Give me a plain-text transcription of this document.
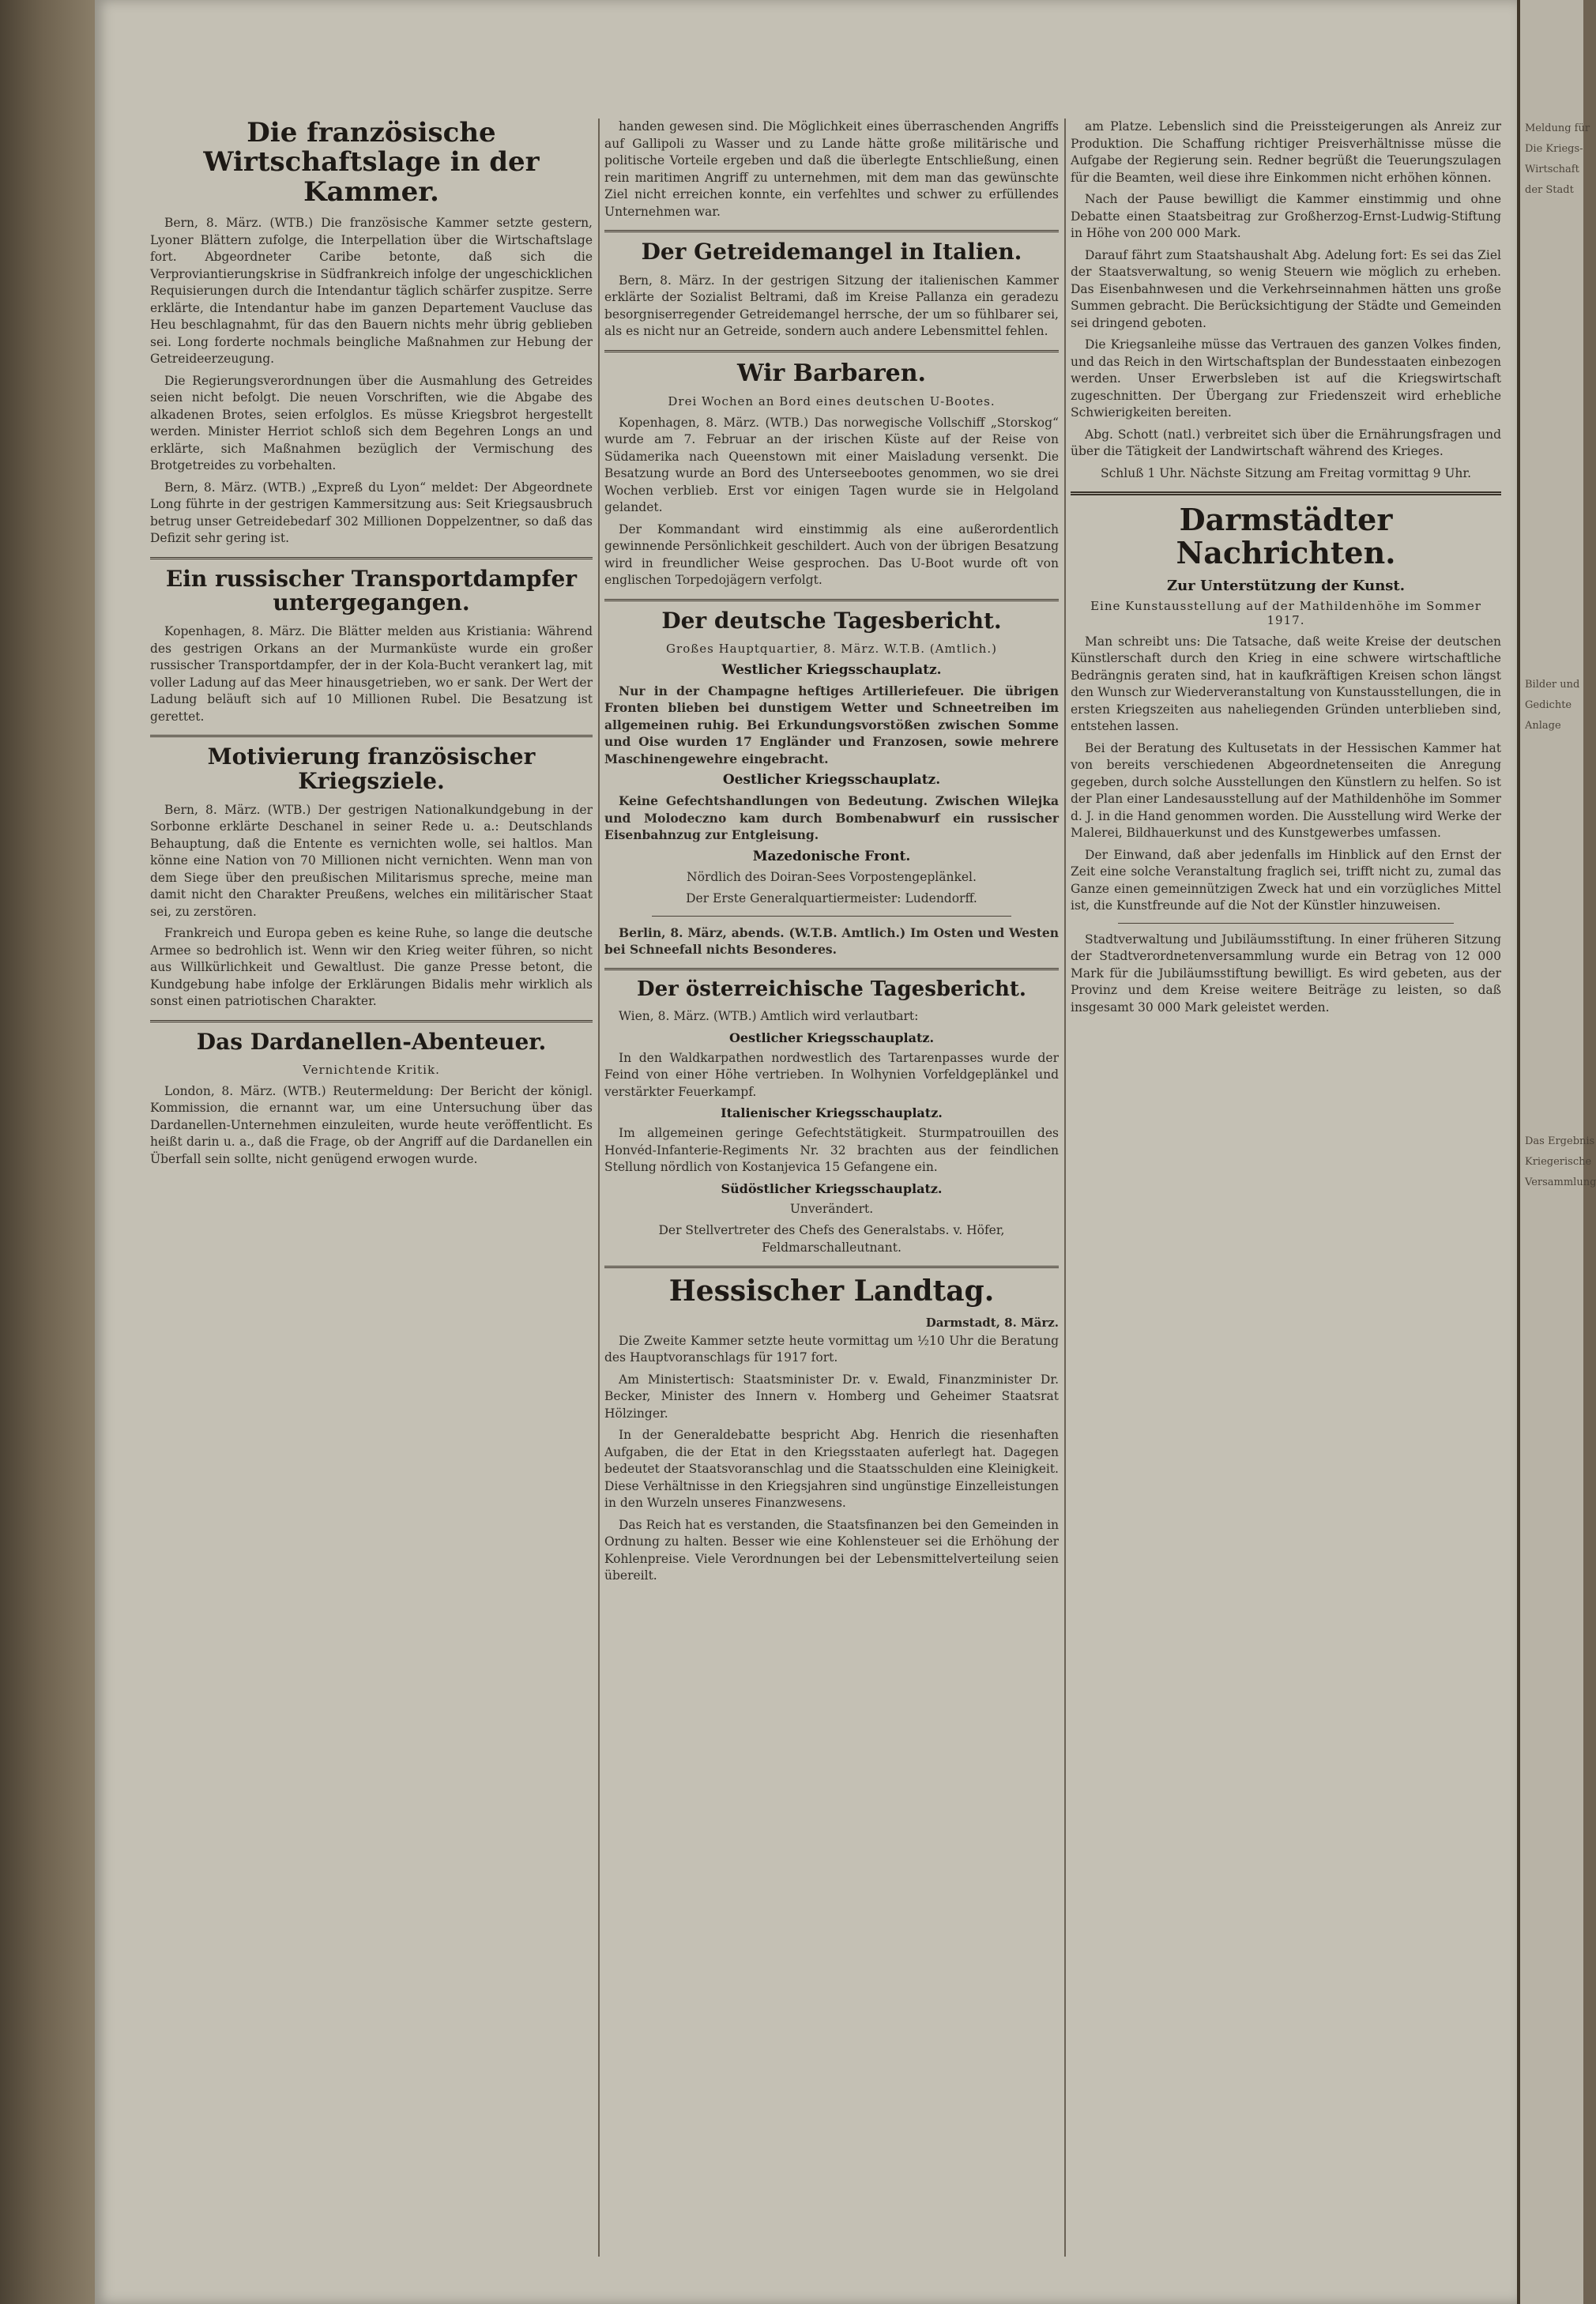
Die französische Wirtschaftslage in der Kammer.

Bern, 8. März. (WTB.) Die französische Kammer setzte gestern, Lyoner Blättern zufolge, die Interpellation über die Wirtschaftslage fort. Abgeordneter Caribe betonte, daß sich die Verproviantierungskrise in Südfrankreich infolge der ungeschicklichen Requisierungen durch die Intendantur täglich schärfer zuspitze. Serre erklärte, die Intendantur habe im ganzen Departement Vaucluse das Heu beschlagnahmt, für das den Bauern nichts mehr übrig geblieben sei. Long forderte nochmals beingliche Maßnahmen zur Hebung der Getreideerzeugung.

Die Regierungsverordnungen über die Ausmahlung des Getreides seien nicht befolgt. Die neuen Vorschriften, wie die Abgabe des alkadenen Brotes, seien erfolglos. Es müsse Kriegsbrot hergestellt werden. Minister Herriot schloß sich dem Begehren Longs an und erklärte, sich Maßnahmen bezüglich der Vermischung des Brotgetreides zu vorbehalten.

Bern, 8. März. (WTB.) „Expreß du Lyon“ meldet: Der Abgeordnete Long führte in der gestrigen Kammersitzung aus: Seit Kriegsausbruch betrug unser Getreidebedarf 302 Millionen Doppelzentner, so daß das Defizit sehr gering ist.

Ein russischer Transportdampfer untergegangen.

Kopenhagen, 8. März. Die Blätter melden aus Kristiania: Während des gestrigen Orkans an der Murmanküste wurde ein großer russischer Transportdampfer, der in der Kola-Bucht verankert lag, mit voller Ladung auf das Meer hinausgetrieben, wo er sank. Der Wert der Ladung beläuft sich auf 10 Millionen Rubel. Die Besatzung ist gerettet.

Motivierung französischer Kriegsziele.

Bern, 8. März. (WTB.) Der gestrigen Nationalkundgebung in der Sorbonne erklärte Deschanel in seiner Rede u. a.: Deutschlands Behauptung, daß die Entente es vernichten wolle, sei haltlos. Man könne eine Nation von 70 Millionen nicht vernichten. Wenn man von dem Siege über den preußischen Militarismus spreche, meine man damit nicht den Charakter Preußens, welches ein militärischer Staat sei, zu zerstören.

Frankreich und Europa geben es keine Ruhe, so lange die deutsche Armee so bedrohlich ist. Wenn wir den Krieg weiter führen, so nicht aus Willkürlichkeit und Gewaltlust. Die ganze Presse betont, die Kundgebung habe infolge der Erklärungen Bidalis mehr wirklich als sonst einen patriotischen Charakter.

Das Dardanellen-Abenteuer.
Vernichtende Kritik.

London, 8. März. (WTB.) Reutermeldung: Der Bericht der königl. Kommission, die ernannt war, um eine Untersuchung über das Dardanellen-Unternehmen einzuleiten, wurde heute veröffentlicht. Es heißt darin u. a., daß die Frage, ob der Angriff auf die Dardanellen ein Überfall sein sollte, nicht genügend erwogen wurde.

handen gewesen sind. Die Möglichkeit eines überraschenden Angriffs auf Gallipoli zu Wasser und zu Lande hätte große militärische und politische Vorteile ergeben und daß die überlegte Entschließung, einen rein maritimen Angriff zu unternehmen, mit dem man das gewünschte Ziel nicht erreichen konnte, ein verfehltes und schwer zu erfüllendes Unternehmen war.

Der Getreidemangel in Italien.

Bern, 8. März. In der gestrigen Sitzung der italienischen Kammer erklärte der Sozialist Beltrami, daß im Kreise Pallanza ein geradezu besorgniserregender Getreidemangel herrsche, der um so fühlbarer sei, als es nicht nur an Getreide, sondern auch andere Lebensmittel fehlen.

Wir Barbaren.
Drei Wochen an Bord eines deutschen U-Bootes.

Kopenhagen, 8. März. (WTB.) Das norwegische Vollschiff „Storskog“ wurde am 7. Februar an der irischen Küste auf der Reise von Südamerika nach Queenstown mit einer Maisladung versenkt. Die Besatzung wurde an Bord des Unterseebootes genommen, wo sie drei Wochen verblieb. Erst vor einigen Tagen wurde sie in Helgoland gelandet.

Der Kommandant wird einstimmig als eine außerordentlich gewinnende Persönlichkeit geschildert. Auch von der übrigen Besatzung wird in freundlicher Weise gesprochen. Das U-Boot wurde oft von englischen Torpedojägern verfolgt.

Der deutsche Tagesbericht.
Großes Hauptquartier, 8. März. W.T.B. (Amtlich.)
Westlicher Kriegsschauplatz.

Nur in der Champagne heftiges Artilleriefeuer. Die übrigen Fronten blieben bei dunstigem Wetter und Schneetreiben im allgemeinen ruhig. Bei Erkundungsvorstößen zwischen Somme und Oise wurden 17 Engländer und Franzosen, sowie mehrere Maschinengewehre eingebracht.

Oestlicher Kriegsschauplatz.

Keine Gefechtshandlungen von Bedeutung. Zwischen Wilejka und Molodeczno kam durch Bombenabwurf ein russischer Eisenbahnzug zur Entgleisung.

Mazedonische Front.

Nördlich des Doiran-Sees Vorpostengeplänkel.

Der Erste Generalquartiermeister: Ludendorff.

Berlin, 8. März, abends. (W.T.B. Amtlich.) Im Osten und Westen bei Schneefall nichts Besonderes.

Der österreichische Tagesbericht.

Wien, 8. März. (WTB.) Amtlich wird verlautbart:

Oestlicher Kriegsschauplatz.

In den Waldkarpathen nordwestlich des Tartarenpasses wurde der Feind von einer Höhe vertrieben. In Wolhynien Vorfeldgeplänkel und verstärkter Feuerkampf.

Italienischer Kriegsschauplatz.

Im allgemeinen geringe Gefechtstätigkeit. Sturmpatrouillen des Honvéd-Infanterie-Regiments Nr. 32 brachten aus der feindlichen Stellung nördlich von Kostanjevica 15 Gefangene ein.

Südöstlicher Kriegsschauplatz.

Unverändert.

Der Stellvertreter des Chefs des Generalstabs. v. Höfer, Feldmarschalleutnant.

Hessischer Landtag.
Darmstadt, 8. März.

Die Zweite Kammer setzte heute vormittag um ½10 Uhr die Beratung des Hauptvoranschlags für 1917 fort.

Am Ministertisch: Staatsminister Dr. v. Ewald, Finanzminister Dr. Becker, Minister des Innern v. Homberg und Geheimer Staatsrat Hölzinger.

In der Generaldebatte bespricht Abg. Henrich die riesenhaften Aufgaben, die der Etat in den Kriegsstaaten auferlegt hat. Dagegen bedeutet der Staatsvoranschlag und die Staatsschulden eine Kleinigkeit. Diese Verhältnisse in den Kriegsjahren sind ungünstige Einzelleistungen in den Wurzeln unseres Finanzwesens.

Das Reich hat es verstanden, die Staatsfinanzen bei den Gemeinden in Ordnung zu halten. Besser wie eine Kohlensteuer sei die Erhöhung der Kohlenpreise. Viele Verordnungen bei der Lebensmittelverteilung seien übereilt.

am Platze. Lebenslich sind die Preissteigerungen als Anreiz zur Produktion. Die Schaffung richtiger Preisverhältnisse müsse die Aufgabe der Regierung sein. Redner begrüßt die Teuerungszulagen für die Beamten, weil diese ihre Einkommen nicht erhöhen können.

Nach der Pause bewilligt die Kammer einstimmig und ohne Debatte einen Staatsbeitrag zur Großherzog-Ernst-Ludwig-Stiftung in Höhe von 200 000 Mark.

Darauf fährt zum Staatshaushalt Abg. Adelung fort: Es sei das Ziel der Staatsverwaltung, so wenig Steuern wie möglich zu erheben. Das Eisenbahnwesen und die Verkehrseinnahmen hätten uns große Summen gebracht. Die Berücksichtigung der Städte und Gemeinden sei dringend geboten.

Die Kriegsanleihe müsse das Vertrauen des ganzen Volkes finden, und das Reich in den Wirtschaftsplan der Bundesstaaten einbezogen werden. Unser Erwerbsleben ist auf die Kriegswirtschaft zugeschnitten. Der Übergang zur Friedenszeit wird erhebliche Schwierigkeiten bereiten.

Abg. Schott (natl.) verbreitet sich über die Ernährungsfragen und über die Tätigkeit der Landwirtschaft während des Krieges.

Schluß 1 Uhr. Nächste Sitzung am Freitag vormittag 9 Uhr.

Darmstädter Nachrichten.
Zur Unterstützung der Kunst.
Eine Kunstausstellung auf der Mathildenhöhe im Sommer 1917.

Man schreibt uns: Die Tatsache, daß weite Kreise der deutschen Künstlerschaft durch den Krieg in eine schwere wirtschaftliche Bedrängnis geraten sind, hat in kaufkräftigen Kreisen schon längst den Wunsch zur Wiederveranstaltung von Kunstausstellungen, die in ersten Kriegszeiten aus naheliegenden Gründen unterblieben sind, entstehen lassen.

Bei der Beratung des Kultusetats in der Hessischen Kammer hat von bereits verschiedenen Abgeordnetenseiten die Anregung gegeben, durch solche Ausstellungen den Künstlern zu helfen. So ist der Plan einer Landesausstellung auf der Mathildenhöhe im Sommer d. J. in die Hand genommen worden. Die Ausstellung wird Werke der Malerei, Bildhauerkunst und des Kunstgewerbes umfassen.

Der Einwand, daß aber jedenfalls im Hinblick auf den Ernst der Zeit eine solche Veranstaltung fraglich sei, trifft nicht zu, zumal das Ganze einen gemeinnützigen Zweck hat und ein vorzügliches Mittel ist, die Kunstfreunde auf die Not der Künstler hinzuweisen.

Stadtverwaltung und Jubiläumsstiftung. In einer früheren Sitzung der Stadtverordnetenversammlung wurde ein Betrag von 12 000 Mark für die Jubiläumsstiftung bewilligt. Es wird gebeten, aus der Provinz und dem Kreise weitere Beiträge zu leisten, so daß insgesamt 30 000 Mark geleistet werden.

Meldung für
Die Kriegs-
Wirtschaft
der Stadt
Bilder und
Gedichte
Anlage
Das Ergebnis
Kriegerische
Versammlung
